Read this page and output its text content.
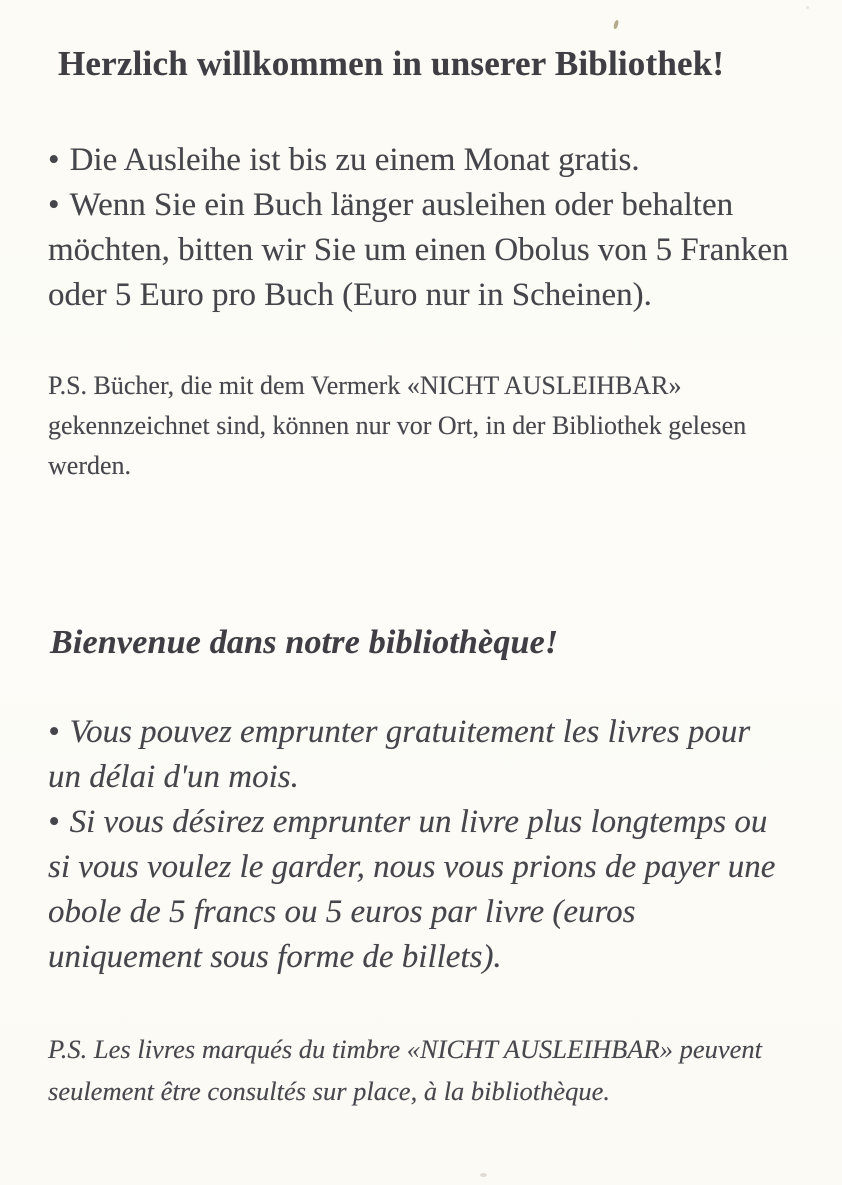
Herzlich willkommen in unserer Bibliothek!

• Die Ausleihe ist bis zu einem Monat gratis.

• Wenn Sie ein Buch länger ausleihen oder behalten möchten, bitten wir Sie um einen Obolus von 5 Franken oder 5 Euro pro Buch (Euro nur in Scheinen).

P.S. Bücher, die mit dem Vermerk «NICHT AUSLEIHBAR» gekennzeichnet sind, können nur vor Ort, in der Bibliothek gelesen werden.

Bienvenue dans notre bibliothèque!

• Vous pouvez emprunter gratuitement les livres pour un délai d'un mois.

• Si vous désirez emprunter un livre plus longtemps ou si vous voulez le garder, nous vous prions de payer une obole de 5 francs ou 5 euros par livre (euros uniquement sous forme de billets).

P.S. Les livres marqués du timbre «NICHT AUSLEIHBAR» peuvent seulement être consultés sur place, à la bibliothèque.
